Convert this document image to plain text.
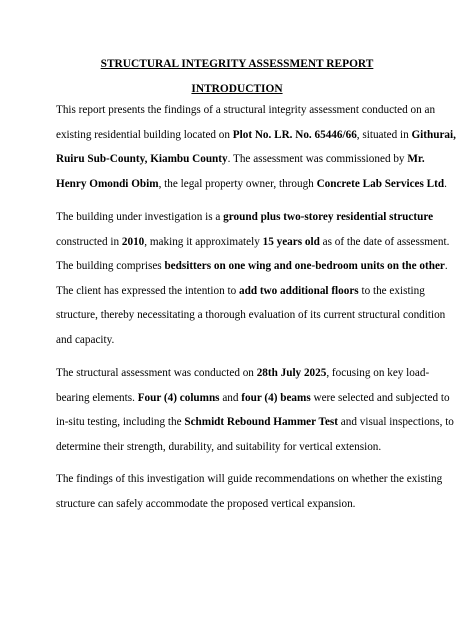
STRUCTURAL INTEGRITY ASSESSMENT REPORT
INTRODUCTION
This report presents the findings of a structural integrity assessment conducted on an
existing residential building located on Plot No. LR. No. 65446/66, situated in Githurai,
Ruiru Sub-County, Kiambu County. The assessment was commissioned by Mr.
Henry Omondi Obim, the legal property owner, through Concrete Lab Services Ltd.
The building under investigation is a ground plus two-storey residential structure
constructed in 2010, making it approximately 15 years old as of the date of assessment.
The building comprises bedsitters on one wing and one-bedroom units on the other.
The client has expressed the intention to add two additional floors to the existing
structure, thereby necessitating a thorough evaluation of its current structural condition
and capacity.
The structural assessment was conducted on 28th July 2025, focusing on key load-
bearing elements. Four (4) columns and four (4) beams were selected and subjected to
in-situ testing, including the Schmidt Rebound Hammer Test and visual inspections, to
determine their strength, durability, and suitability for vertical extension.
The findings of this investigation will guide recommendations on whether the existing
structure can safely accommodate the proposed vertical expansion.
